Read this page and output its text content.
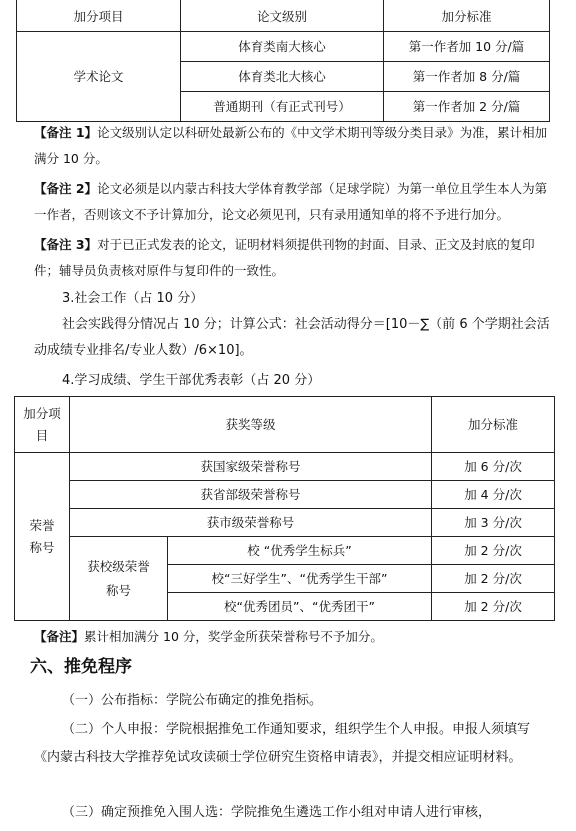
加分项目	论文级别	加分标准
学术论文	体育类南大核心	第一作者加 10 分/篇
	体育类北大核心	第一作者加 8 分/篇
	普通期刊（有正式刊号）	第一作者加 2 分/篇
【备注 1】论文级别认定以科研处最新公布的《中文学术期刊等级分类目录》为准，累计相加满分 10 分。
【备注 2】论文必须是以内蒙古科技大学体育教学部（足球学院）为第一单位且学生本人为第一作者，否则该文不予计算加分，论文必须见刊，只有录用通知单的将不予进行加分。
【备注 3】对于已正式发表的论文，证明材料须提供刊物的封面、目录、正文及封底的复印件；辅导员负责核对原件与复印件的一致性。
3.社会工作（占 10 分）
社会实践得分情况占 10 分；计算公式：社会活动得分＝[10－∑（前 6 个学期社会活动成绩专业排名/专业人数）/6×10]。
4.学习成绩、学生干部优秀表彰（占 20 分）
加分项目	获奖等级		加分标准
荣誉称号	获国家级荣誉称号		加 6 分/次
	获省部级荣誉称号		加 4 分/次
	获市级荣誉称号		加 3 分/次
	获校级荣誉称号	校 “优秀学生标兵”	加 2 分/次
		校“三好学生”、“优秀学生干部”	加 2 分/次
		校“优秀团员”、“优秀团干”	加 2 分/次
【备注】累计相加满分 10 分，奖学金所获荣誉称号不予加分。
六、推免程序
（一）公布指标：学院公布确定的推免指标。
（二）个人申报：学院根据推免工作通知要求，组织学生个人申报。申报人须填写《内蒙古科技大学推荐免试攻读硕士学位研究生资格申请表》，并提交相应证明材料。
（三）确定预推免入围人选：学院推免生遴选工作小组对申请人进行审核，
